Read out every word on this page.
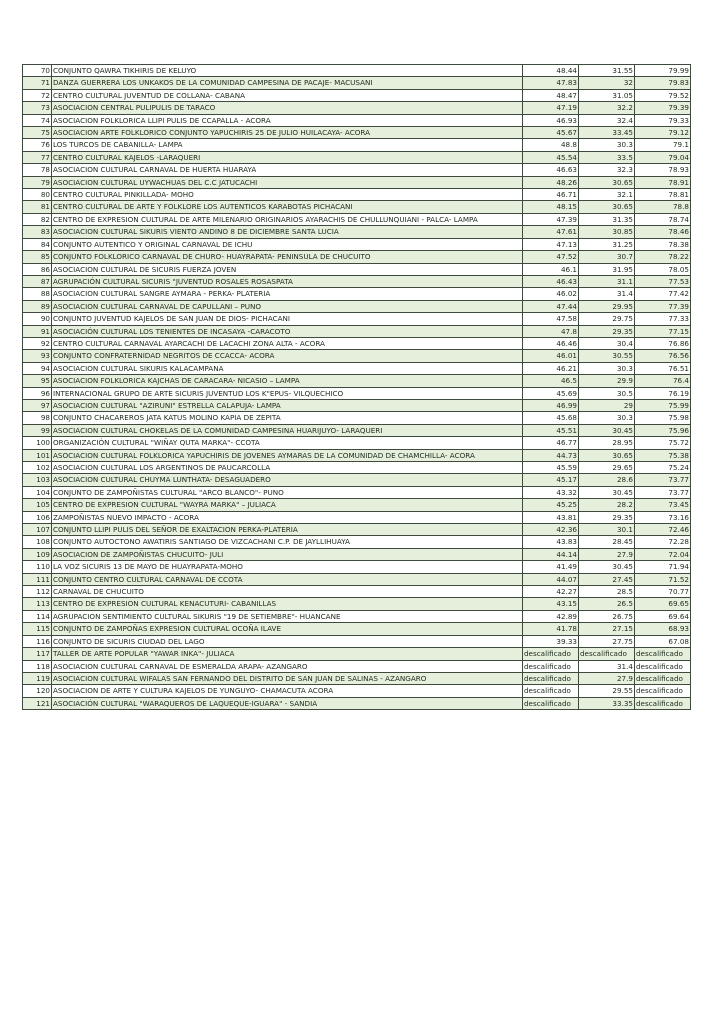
70	CONJUNTO QAWRA TIKHIRIS DE KELUYO	48.44	31.55	79.99
71	DANZA GUERRERA LOS UNKAKOS DE LA COMUNIDAD CAMPESINA DE PACAJE- MACUSANI	47.83	32	79.83
72	CENTRO CULTURAL JUVENTUD DE COLLANA- CABANA	48.47	31.05	79.52
73	ASOCIACION CENTRAL PULIPULIS DE TARACO	47.19	32.2	79.39
74	ASOCIACION FOLKLORICA LLIPI PULIS DE CCAPALLA - ACORA	46.93	32.4	79.33
75	ASOCIACION ARTE FOLKLORICO CONJUNTO YAPUCHIRIS 25 DE JULIO HUILACAYA- ACORA	45.67	33.45	79.12
76	LOS TURCOS DE CABANILLA- LAMPA	48.8	30.3	79.1
77	CENTRO CULTURAL KAJELOS -LARAQUERI	45.54	33.5	79.04
78	ASOCIACION CULTURAL CARNAVAL DE HUERTA HUARAYA	46.63	32.3	78.93
79	ASOCIACION CULTURAL UYWACHUAS DEL C.C JATUCACHI	48.26	30.65	78.91
80	CENTRO CULTURAL PINKILLADA- MOHO	46.71	32.1	78.81
81	CENTRO CULTURAL DE ARTE Y FOLKLORE LOS AUTENTICOS KARABOTAS PICHACANI	48.15	30.65	78.8
82	CENTRO DE EXPRESION CULTURAL DE ARTE MILENARIO ORIGINARIOS AYARACHIS DE CHULLUNQUIANI - PALCA- LAMPA	47.39	31.35	78.74
83	ASOCIACION CULTURAL SIKURIS VIENTO ANDINO 8 DE DICIEMBRE SANTA LUCIA	47.61	30.85	78.46
84	CONJUNTO AUTENTICO Y ORIGINAL CARNAVAL DE ICHU	47.13	31.25	78.38
85	CONJUNTO FOLKLORICO CARNAVAL DE CHURO- HUAYRAPATA- PENINSULA DE CHUCUITO	47.52	30.7	78.22
86	ASOCIACION CULTURAL DE SICURIS FUERZA JOVEN	46.1	31.95	78.05
87	AGRUPACIÓN CULTURAL SICURIS "JUVENTUD ROSALES ROSASPATA	46.43	31.1	77.53
88	ASOCIACION CULTURAL SANGRE AYMARA - PERKA- PLATERIA	46.02	31.4	77.42
89	ASOCIACION CULTURAL CARNAVAL DE CAPULLANI – PUNO	47.44	29.95	77.39
90	CONJUNTO JUVENTUD KAJELOS DE SAN JUAN DE DIOS- PICHACANI	47.58	29.75	77.33
91	ASOCIACIÓN CULTURAL LOS TENIENTES DE INCASAYA -CARACOTO	47.8	29.35	77.15
92	CENTRO CULTURAL CARNAVAL AYARCACHI DE LACACHI ZONA ALTA - ACORA	46.46	30.4	76.86
93	CONJUNTO CONFRATERNIDAD NEGRITOS DE CCACCA- ACORA	46.01	30.55	76.56
94	ASOCIACION CULTURAL SIKURIS KALACAMPANA	46.21	30.3	76.51
95	ASOCIACION FOLKLORICA KAJCHAS DE CARACARA- NICASIO – LAMPA	46.5	29.9	76.4
96	INTERNACIONAL GRUPO DE ARTE SICURIS JUVENTUD LOS K"EPUS- VILQUECHICO	45.69	30.5	76.19
97	ASOCIACION CULTURAL "AZIRUNI" ESTRELLA CALAPUJA- LAMPA	46.99	29	75.99
98	CONJUNTO CHACAREROS JATA KATUS MOLINO KAPIA DE ZEPITA	45.68	30.3	75.98
99	ASOCIACION CULTURAL CHOKELAS DE LA COMUNIDAD CAMPESINA HUARIJUYO- LARAQUERI	45.51	30.45	75.96
100	ORGANIZACIÓN CULTURAL "WIÑAY QUTA MARKA"- CCOTA	46.77	28.95	75.72
101	ASOCIACION CULTURAL FOLKLORICA YAPUCHIRIS DE JOVENES AYMARAS DE LA COMUNIDAD DE CHAMCHILLA- ACORA	44.73	30.65	75.38
102	ASOCIACION CULTURAL LOS ARGENTINOS DE PAUCARCOLLA	45.59	29.65	75.24
103	ASOCIACION CULTURAL CHUYMA LUNTHATA- DESAGUADERO	45.17	28.6	73.77
104	CONJUNTO DE ZAMPOÑISTAS CULTURAL "ARCO BLANCO"- PUNO	43.32	30.45	73.77
105	CENTRO DE EXPRESION CULTURAL "WAYRA MARKA" – JULIACA	45.25	28.2	73.45
106	ZAMPOÑISTAS NUEVO IMPACTO - ACORA	43.81	29.35	73.16
107	CONJUNTO LLIPI PULIS DEL SEÑOR DE EXALTACION PERKA-PLATERIA	42.36	30.1	72.46
108	CONJUNTO AUTOCTONO AWATIRIS SANTIAGO DE VIZCACHANI C.P. DE JAYLLIHUAYA	43.83	28.45	72.28
109	ASOCIACION DE ZAMPOÑISTAS CHUCUITO- JULI	44.14	27.9	72.04
110	LA VOZ SICURIS 13 DE MAYO DE HUAYRAPATA-MOHO	41.49	30.45	71.94
111	CONJUNTO CENTRO CULTURAL CARNAVAL DE CCOTA	44.07	27.45	71.52
112	CARNAVAL DE CHUCUITO	42.27	28.5	70.77
113	CENTRO DE EXPRESION CULTURAL KENACUTURI- CABANILLAS	43.15	26.5	69.65
114	AGRUPACION SENTIMIENTO CULTURAL SIKURIS "19 DE SETIEMBRE"- HUANCANE	42.89	26.75	69.64
115	CONJUNTO DE ZAMPOÑAS EXPRESION CULTURAL OCOÑA ILAVE	41.78	27.15	68.93
116	CONJUNTO DE SICURIS CIUDAD DEL LAGO	39.33	27.75	67.08
117	TALLER DE ARTE POPULAR "YAWAR INKA"- JULIACA	descalificado	descalificado	descalificado
118	ASOCIACION CULTURAL CARNAVAL DE ESMERALDA ARAPA- AZANGARO	descalificado	31.4	descalificado
119	ASOCIACION CULTURAL WIFALAS SAN FERNANDO DEL DISTRITO DE SAN JUAN DE SALINAS - AZANGARO	descalificado	27.9	descalificado
120	ASOCIACION DE ARTE Y CULTURA KAJELOS DE YUNGUYO- CHAMACUTA ACORA	descalificado	29.55	descalificado
121	ASOCIACIÓN CULTURAL "WARAQUEROS DE LAQUEQUE-IGUARA" - SANDIA	descalificado	33.35	descalificado
